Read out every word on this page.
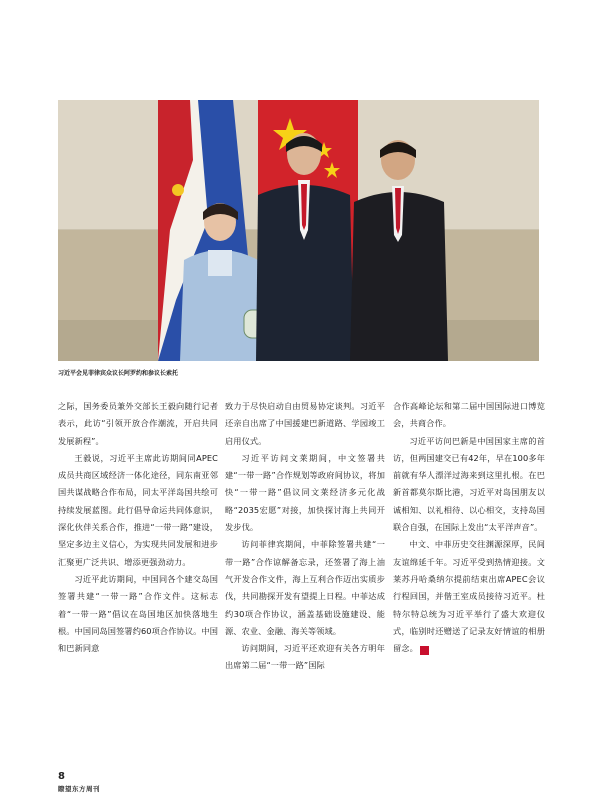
习近平会见菲律宾众议长阿罗约和参议长索托

之际，国务委员兼外交部长王毅向随行记者表示，此访“引领开放合作潮流，开启共同发展新程”。

王毅说，习近平主席此访期间同APEC成员共商区域经济一体化途径，同东南亚邻国共谋战略合作布局，同太平洋岛国共绘可持续发展蓝图。此行倡导命运共同体意识，深化伙伴关系合作，推进“一带一路”建设，坚定多边主义信心，为实现共同发展和进步汇聚更广泛共识、增添更强劲动力。

习近平此访期间，中国同各个建交岛国签署共建“一带一路”合作文件。这标志着“一带一路”倡议在岛国地区加快落地生根。中国同岛国签署约60项合作协议。中国和巴新同意

致力于尽快启动自由贸易协定谈判。习近平还亲自出席了中国援建巴新道路、学园竣工启用仪式。

习近平访问文莱期间，中文签署共建“一带一路”合作规划等政府间协议，将加快“一带一路”倡议同文莱经济多元化战略“2035宏愿”对接，加快探讨海上共同开发步伐。

访问菲律宾期间，中菲除签署共建“一带一路”合作谅解备忘录，还签署了海上油气开发合作文件，海上互利合作迈出实质步伐，共同勘探开发有望提上日程。中菲达成约30项合作协议，涵盖基础设施建设、能源、农业、金融、海关等领域。

访问期间，习近平还欢迎有关各方明年出席第二届“一带一路”国际

合作高峰论坛和第二届中国国际进口博览会，共商合作。

习近平访问巴新是中国国家主席的首访，但两国建交已有42年，早在100多年前就有华人漂洋过海来到这里扎根。在巴新首都莫尔斯比港，习近平对岛国朋友以诚相知、以礼相待、以心相交，支持岛国联合自强，在国际上发出“太平洋声音”。

中文、中菲历史交往渊源深厚，民间友谊绵延千年。习近平受到热情迎接。文莱苏丹哈桑纳尔提前结束出席APEC会议行程回国，并偕王室成员接待习近平。杜特尔特总统为习近平举行了盛大欢迎仪式，临别时还赠送了记录友好情谊的相册留念。	W

8
瞭望东方周刊
